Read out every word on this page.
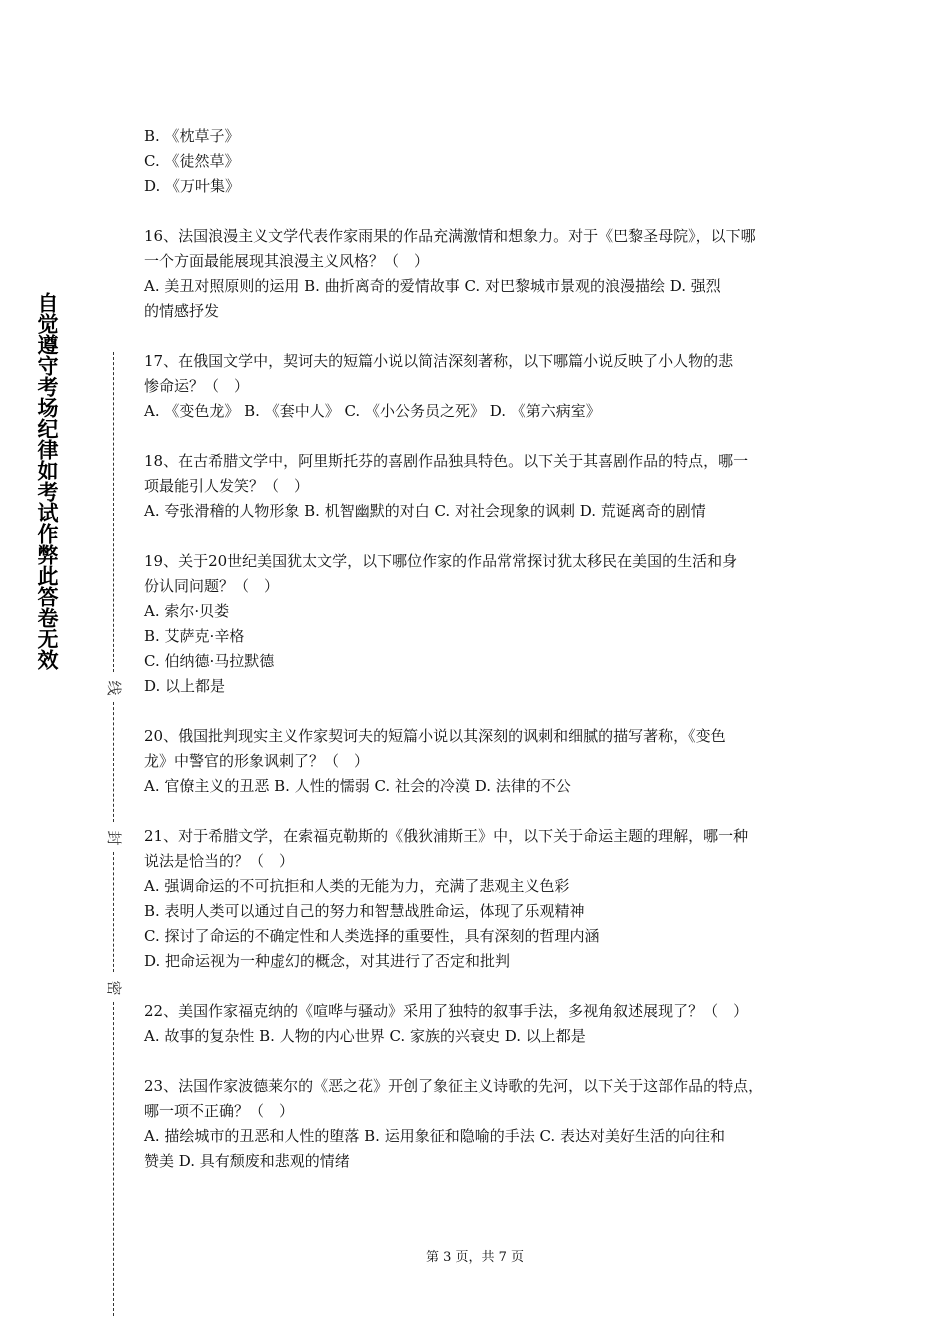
自觉遵守考场纪律如考试作弊此答卷无效
线
封
密

B. 《枕草子》

C. 《徒然草》

D. 《万叶集》

16、法国浪漫主义文学代表作家雨果的作品充满激情和想象力。对于《巴黎圣母院》，以下哪

一个方面最能展现其浪漫主义风格？（　）

A. 美丑对照原则的运用 B. 曲折离奇的爱情故事 C. 对巴黎城市景观的浪漫描绘 D. 强烈

的情感抒发

17、在俄国文学中，契诃夫的短篇小说以简洁深刻著称，以下哪篇小说反映了小人物的悲

惨命运？（　）

A. 《变色龙》 B. 《套中人》 C. 《小公务员之死》 D. 《第六病室》

18、在古希腊文学中，阿里斯托芬的喜剧作品独具特色。以下关于其喜剧作品的特点，哪一

项最能引人发笑？（　）

A. 夸张滑稽的人物形象 B. 机智幽默的对白 C. 对社会现象的讽刺 D. 荒诞离奇的剧情

19、关于20世纪美国犹太文学，以下哪位作家的作品常常探讨犹太移民在美国的生活和身

份认同问题？（　）

A. 索尔·贝娄

B. 艾萨克·辛格

C. 伯纳德·马拉默德

D. 以上都是

20、俄国批判现实主义作家契诃夫的短篇小说以其深刻的讽刺和细腻的描写著称，《变色

龙》中警官的形象讽刺了？（　）

A. 官僚主义的丑恶 B. 人性的懦弱 C. 社会的冷漠 D. 法律的不公

21、对于希腊文学，在索福克勒斯的《俄狄浦斯王》中，以下关于命运主题的理解，哪一种

说法是恰当的？（　）

A. 强调命运的不可抗拒和人类的无能为力，充满了悲观主义色彩

B. 表明人类可以通过自己的努力和智慧战胜命运，体现了乐观精神

C. 探讨了命运的不确定性和人类选择的重要性，具有深刻的哲理内涵

D. 把命运视为一种虚幻的概念，对其进行了否定和批判

22、美国作家福克纳的《喧哗与骚动》采用了独特的叙事手法，多视角叙述展现了？（　）

A. 故事的复杂性 B. 人物的内心世界 C. 家族的兴衰史 D. 以上都是

23、法国作家波德莱尔的《恶之花》开创了象征主义诗歌的先河，以下关于这部作品的特点，

哪一项不正确？（　）

A. 描绘城市的丑恶和人性的堕落 B. 运用象征和隐喻的手法 C. 表达对美好生活的向往和

赞美 D. 具有颓废和悲观的情绪

第 3 页，共 7 页
